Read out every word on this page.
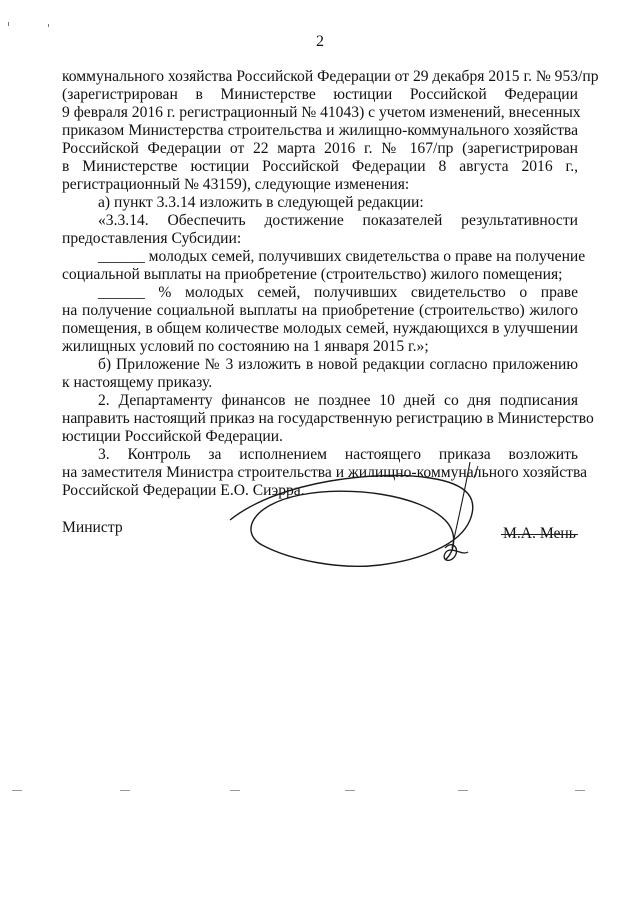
2
коммунального хозяйства Российской Федерации от 29 декабря 2015 г. № 953/пр
(зарегистрирован в Министерстве юстиции Российской Федерации
9 февраля 2016 г. регистрационный № 41043) с учетом изменений, внесенных
приказом Министерства строительства и жилищно-коммунального хозяйства
Российской Федерации от 22 марта 2016 г. № 167/пр (зарегистрирован
в Министерстве юстиции Российской Федерации 8 августа 2016 г.,
регистрационный № 43159), следующие изменения:
а) пункт 3.3.14 изложить в следующей редакции:
«3.3.14. Обеспечить достижение показателей результативности
предоставления Субсидии:
______ молодых семей, получивших свидетельства о праве на получение
социальной выплаты на приобретение (строительство) жилого помещения;
______ % молодых семей, получивших свидетельство о праве
на получение социальной выплаты на приобретение (строительство) жилого
помещения, в общем количестве молодых семей, нуждающихся в улучшении
жилищных условий по состоянию на 1 января 2015 г.»;
б) Приложение № 3 изложить в новой редакции согласно приложению
к настоящему приказу.
2. Департаменту финансов не позднее 10 дней со дня подписания
направить настоящий приказ на государственную регистрацию в Министерство
юстиции Российской Федерации.
3. Контроль за исполнением настоящего приказа возложить
на заместителя Министра строительства и жилищно-коммунального хозяйства
Российской Федерации Е.О. Сиэрра.
Министр	М.А. Мень
